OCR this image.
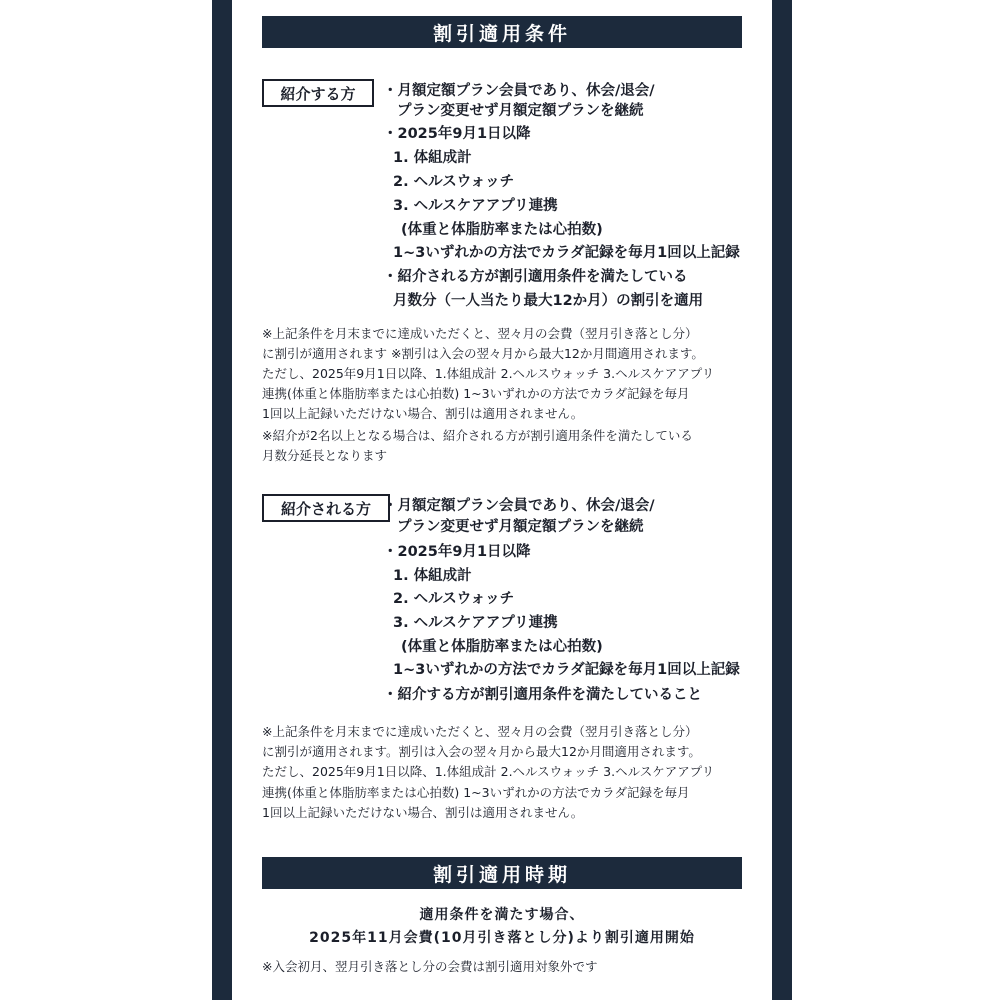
割引適用条件
紹介する方	・月額定額プラン会員であり、休会/退会/
プラン変更せず月額定額プランを継続
・2025年9月1日以降
1. 体組成計
2. ヘルスウォッチ
3. ヘルスケアアプリ連携
(体重と体脂肪率または心拍数)
1~3いずれかの方法でカラダ記録を毎月1回以上記録
・紹介される方が割引適用条件を満たしている
月数分（一人当たり最大12か月）の割引を適用
※上記条件を月末までに達成いただくと、翌々月の会費（翌月引き落とし分）
に割引が適用されます ※割引は入会の翌々月から最大12か月間適用されます。
ただし、2025年9月1日以降、1.体組成計 2.ヘルスウォッチ 3.ヘルスケアアプリ
連携(体重と体脂肪率または心拍数) 1~3いずれかの方法でカラダ記録を毎月
1回以上記録いただけない場合、割引は適用されません。
※紹介が2名以上となる場合は、紹介される方が割引適用条件を満たしている
月数分延長となります
紹介される方 ・月額定額プラン会員であり、休会/退会/
プラン変更せず月額定額プランを継続
・2025年9月1日以降
1. 体組成計
2. ヘルスウォッチ
3. ヘルスケアアプリ連携
(体重と体脂肪率または心拍数)
1~3いずれかの方法でカラダ記録を毎月1回以上記録
・紹介する方が割引適用条件を満たしていること
※上記条件を月末までに達成いただくと、翌々月の会費（翌月引き落とし分）
に割引が適用されます。割引は入会の翌々月から最大12か月間適用されます。
ただし、2025年9月1日以降、1.体組成計 2.ヘルスウォッチ 3.ヘルスケアアプリ
連携(体重と体脂肪率または心拍数) 1~3いずれかの方法でカラダ記録を毎月
1回以上記録いただけない場合、割引は適用されません。
割引適用時期
適用条件を満たす場合、
2025年11月会費(10月引き落とし分)より割引適用開始
※入会初月、翌月引き落とし分の会費は割引適用対象外です
